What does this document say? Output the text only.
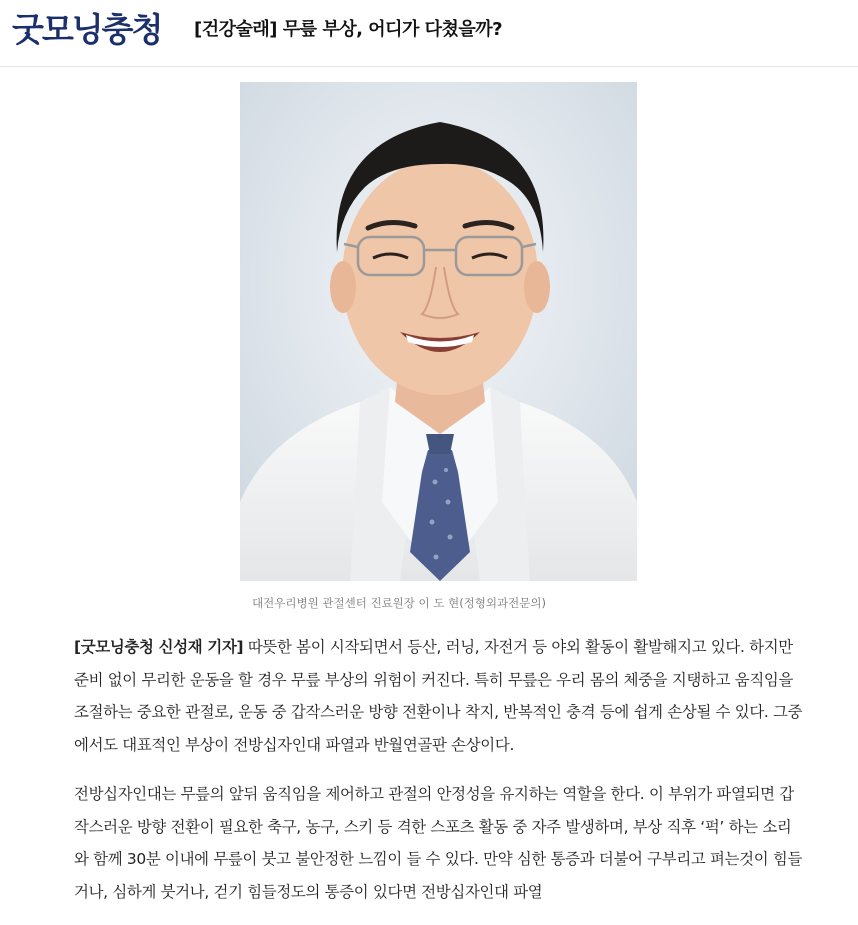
굿모닝충청 [건강술래] 무릎 부상, 어디가 다쳤을까?
대전우리병원 관절센터 진료원장 이 도 현(정형외과전문의)

[굿모닝충청 신성재 기자] 따뜻한 봄이 시작되면서 등산, 러닝, 자전거 등 야외 활동이 활발해지고 있다. 하지만 준비 없이 무리한 운동을 할 경우 무릎 부상의 위험이 커진다. 특히 무릎은 우리 몸의 체중을 지탱하고 움직임을 조절하는 중요한 관절로, 운동 중 갑작스러운 방향 전환이나 착지, 반복적인 충격 등에 쉽게 손상될 수 있다. 그중에서도 대표적인 부상이 전방십자인대 파열과 반월연골판 손상이다.

전방십자인대는 무릎의 앞뒤 움직임을 제어하고 관절의 안정성을 유지하는 역할을 한다. 이 부위가 파열되면 갑작스러운 방향 전환이 필요한 축구, 농구, 스키 등 격한 스포츠 활동 중 자주 발생하며, 부상 직후 ‘퍽’ 하는 소리와 함께 30분 이내에 무릎이 붓고 불안정한 느낌이 들 수 있다. 만약 심한 통증과 더불어 구부리고 펴는것이 힘들거나, 심하게 붓거나, 걷기 힘들정도의 통증이 있다면 전방십자인대 파열
